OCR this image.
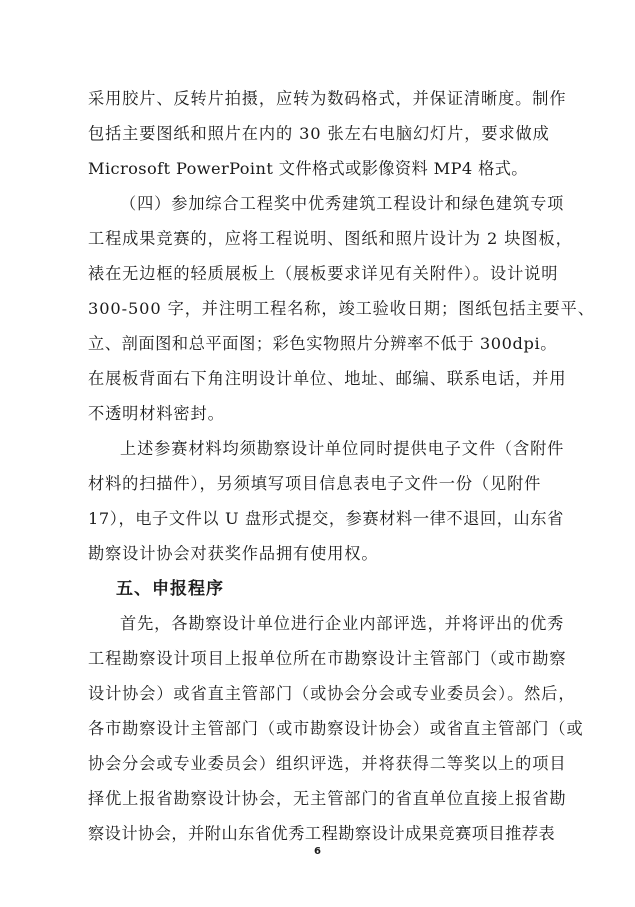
采用胶片、反转片拍摄，应转为数码格式，并保证清晰度。制作
包括主要图纸和照片在内的 30 张左右电脑幻灯片，要求做成
Microsoft PowerPoint 文件格式或影像资料 MP4 格式。
（四）参加综合工程奖中优秀建筑工程设计和绿色建筑专项
工程成果竞赛的，应将工程说明、图纸和照片设计为 2 块图板，
裱在无边框的轻质展板上（展板要求详见有关附件）。设计说明
300-500 字，并注明工程名称，竣工验收日期；图纸包括主要平、
立、剖面图和总平面图；彩色实物照片分辨率不低于 300dpi。
在展板背面右下角注明设计单位、地址、邮编、联系电话，并用
不透明材料密封。
上述参赛材料均须勘察设计单位同时提供电子文件（含附件
材料的扫描件），另须填写项目信息表电子文件一份（见附件
17），电子文件以 U 盘形式提交，参赛材料一律不退回，山东省
勘察设计协会对获奖作品拥有使用权。
五、申报程序
首先，各勘察设计单位进行企业内部评选，并将评出的优秀
工程勘察设计项目上报单位所在市勘察设计主管部门（或市勘察
设计协会）或省直主管部门（或协会分会或专业委员会）。然后，
各市勘察设计主管部门（或市勘察设计协会）或省直主管部门（或
协会分会或专业委员会）组织评选，并将获得二等奖以上的项目
择优上报省勘察设计协会，无主管部门的省直单位直接上报省勘
察设计协会，并附山东省优秀工程勘察设计成果竞赛项目推荐表
6
